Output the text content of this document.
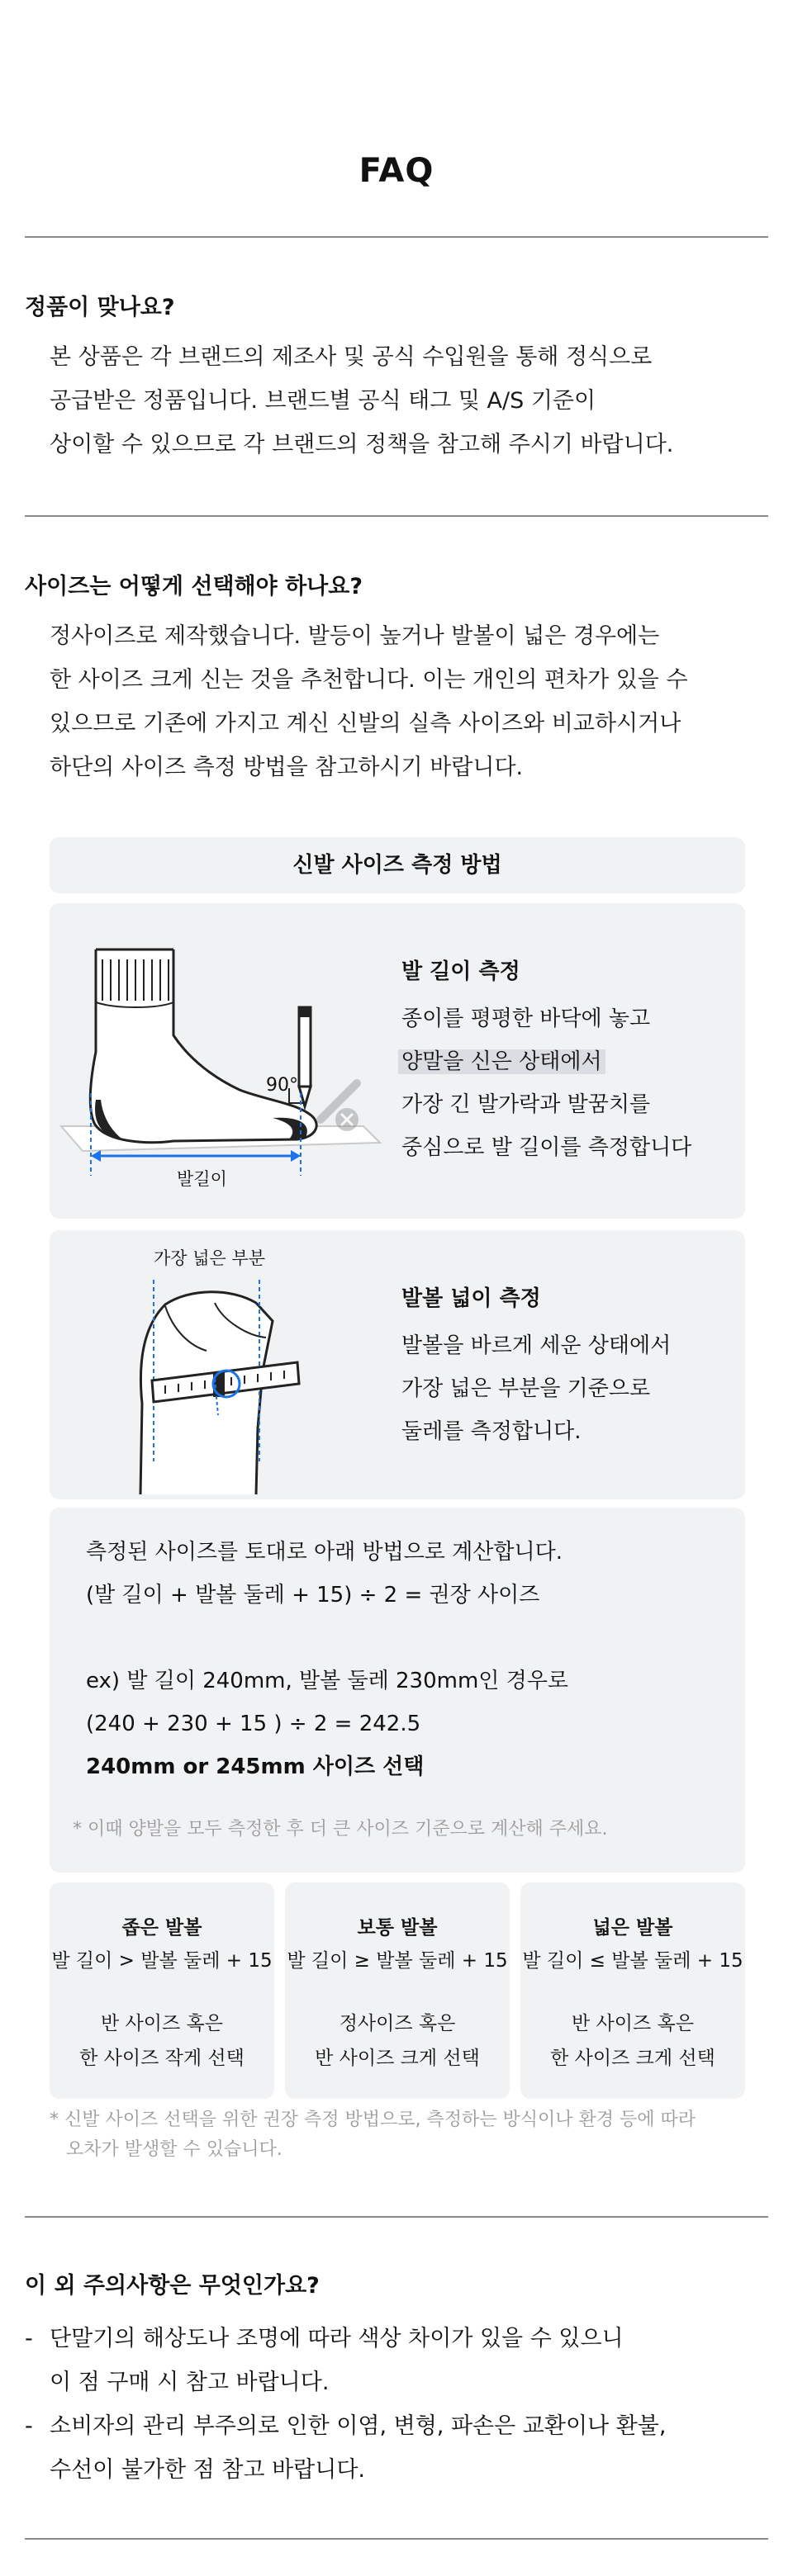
FAQ
정품이 맞나요?
본 상품은 각 브랜드의 제조사 및 공식 수입원을 통해 정식으로
공급받은 정품입니다. 브랜드별 공식 태그 및 A/S 기준이
상이할 수 있으므로 각 브랜드의 정책을 참고해 주시기 바랍니다.
사이즈는 어떻게 선택해야 하나요?
정사이즈로 제작했습니다. 발등이 높거나 발볼이 넓은 경우에는
한 사이즈 크게 신는 것을 추천합니다. 이는 개인의 편차가 있을 수
있으므로 기존에 가지고 계신 신발의 실측 사이즈와 비교하시거나
하단의 사이즈 측정 방법을 참고하시기 바랍니다.
신발 사이즈 측정 방법
90°
발길이
발 길이 측정
종이를 평평한 바닥에 놓고
양말을 신은 상태에서
가장 긴 발가락과 발꿈치를
중심으로 발 길이를 측정합니다
가장 넓은 부분
발볼 넓이 측정
발볼을 바르게 세운 상태에서
가장 넓은 부분을 기준으로
둘레를 측정합니다.
측정된 사이즈를 토대로 아래 방법으로 계산합니다.
(발 길이 + 발볼 둘레 + 15) ÷ 2 = 권장 사이즈
ex) 발 길이 240mm, 발볼 둘레 230mm인 경우로
(240 + 230 + 15 ) ÷ 2 = 242.5
240mm or 245mm 사이즈 선택
* 이때 양발을 모두 측정한 후 더 큰 사이즈 기준으로 계산해 주세요.
좁은 발볼
발 길이 > 발볼 둘레 + 15
반 사이즈 혹은
한 사이즈 작게 선택
보통 발볼
발 길이 ≥ 발볼 둘레 + 15
정사이즈 혹은
반 사이즈 크게 선택
넓은 발볼
발 길이 ≤ 발볼 둘레 + 15
반 사이즈 혹은
한 사이즈 크게 선택
* 신발 사이즈 선택을 위한 권장 측정 방법으로, 측정하는 방식이나 환경 등에 따라
오차가 발생할 수 있습니다.
이 외 주의사항은 무엇인가요?
- 단말기의 해상도나 조명에 따라 색상 차이가 있을 수 있으니
이 점 구매 시 참고 바랍니다.
- 소비자의 관리 부주의로 인한 이염, 변형, 파손은 교환이나 환불,
수선이 불가한 점 참고 바랍니다.
